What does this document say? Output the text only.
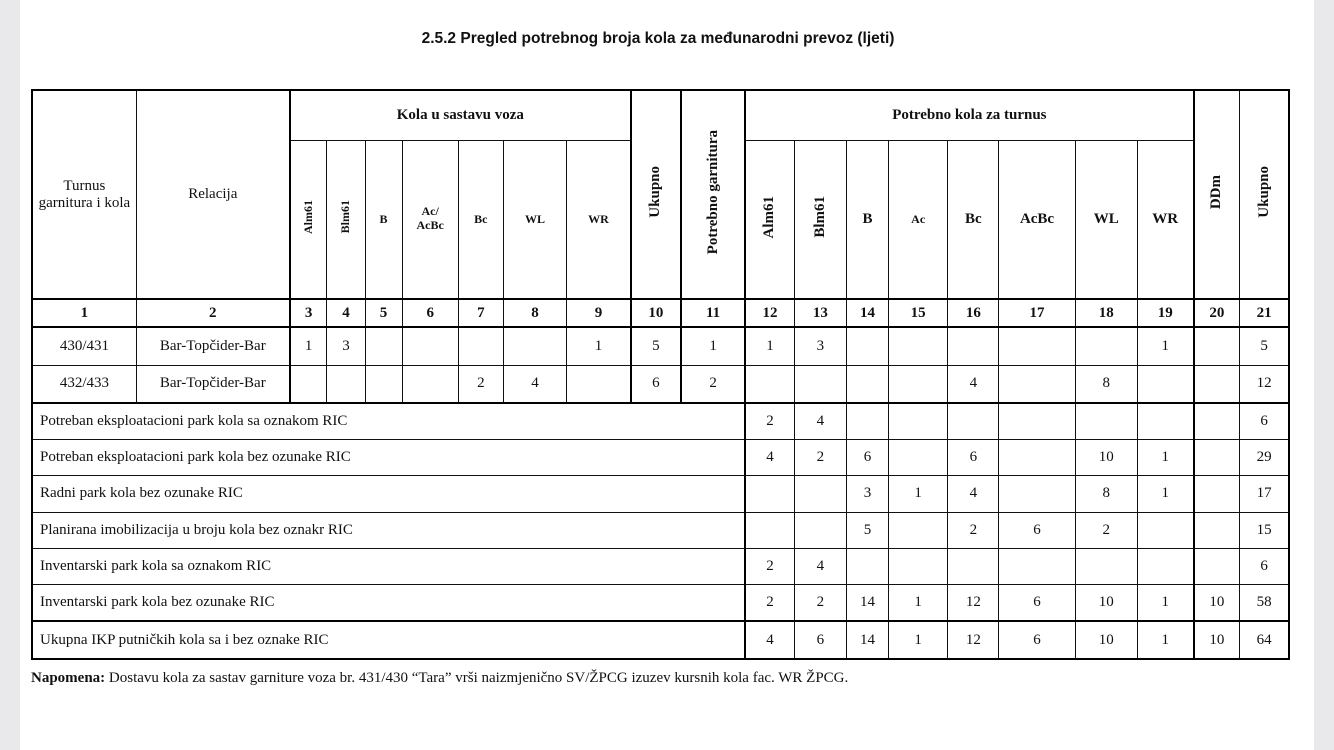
2.5.2 Pregled potrebnog broja kola za međunarodni prevoz (ljeti)
Turnus garnitura i kola	Relacija	Kola u sastavu voza							Ukupno	Potrebno garnitura	Potrebno kola za turnus								DDm	Ukupno
		Alm61	Blm61	B	Ac/ AcBc	Bc	WL	WR			Alm61	Blm61	B	Ac	Bc	AcBc	WL	WR		
1	2	3	4	5	6	7	8	9	10	11	12	13	14	15	16	17	18	19	20	21
430/431	Bar-Topčider-Bar	1	3					1	5	1	1	3						1		5
432/433	Bar-Topčider-Bar					2	4		6	2					4		8			12
Potreban eksploatacioni park kola sa oznakom RIC											2	4								6
Potreban eksploatacioni park kola bez ozunake RIC											4	2	6		6		10	1		29
Radni park kola bez ozunake RIC													3	1	4		8	1		17
Planirana imobilizacija u broju kola bez oznakr RIC													5		2	6	2			15
Inventarski park kola sa oznakom RIC											2	4								6
Inventarski park kola bez ozunake RIC											2	2	14	1	12	6	10	1	10	58
Ukupna IKP putničkih kola sa i bez oznake RIC											4	6	14	1	12	6	10	1	10	64
Napomena: Dostavu kola za sastav garniture voza br. 431/430 “Tara” vrši naizmjenično SV/ŽPCG izuzev kursnih kola fac. WR ŽPCG.
